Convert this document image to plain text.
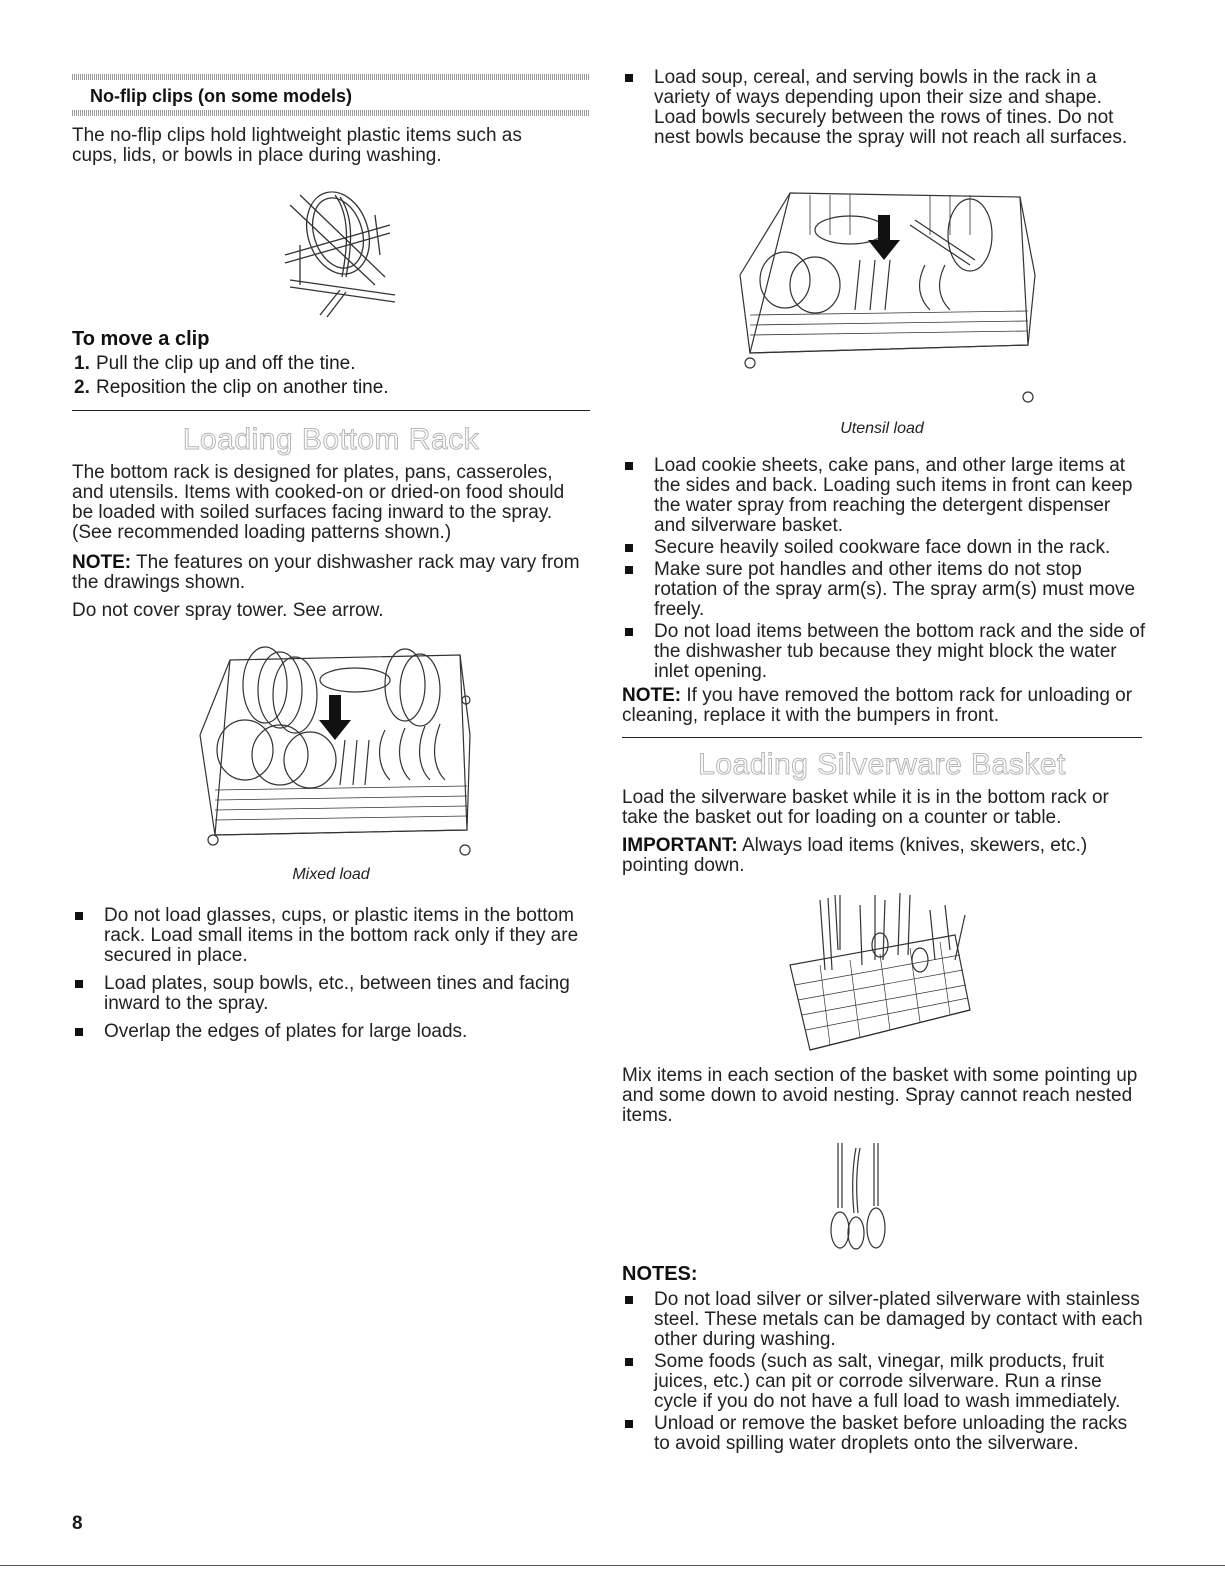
No-flip clips (on some models)

The no-flip clips hold lightweight plastic items such as cups, lids, or bowls in place during washing.

To move a clip
1. Pull the clip up and off the tine.
2. Reposition the clip on another tine.
Loading Bottom Rack

The bottom rack is designed for plates, pans, casseroles, and utensils. Items with cooked-on or dried-on food should be loaded with soiled surfaces facing inward to the spray. (See recommended loading patterns shown.)

NOTE: The features on your dishwasher rack may vary from the drawings shown.

Do not cover spray tower. See arrow.

Mixed load

Do not load glasses, cups, or plastic items in the bottom rack. Load small items in the bottom rack only if they are secured in place.
Load plates, soup bowls, etc., between tines and facing inward to the spray.
Overlap the edges of plates for large loads.
Load soup, cereal, and serving bowls in the rack in a variety of ways depending upon their size and shape. Load bowls securely between the rows of tines. Do not nest bowls because the spray will not reach all surfaces.

Utensil load

Load cookie sheets, cake pans, and other large items at the sides and back. Loading such items in front can keep the water spray from reaching the detergent dispenser and silverware basket.
Secure heavily soiled cookware face down in the rack.
Make sure pot handles and other items do not stop rotation of the spray arm(s). The spray arm(s) must move freely.
Do not load items between the bottom rack and the side of the dishwasher tub because they might block the water inlet opening.

NOTE: If you have removed the bottom rack for unloading or cleaning, replace it with the bumpers in front.

Loading Silverware Basket

Load the silverware basket while it is in the bottom rack or take the basket out for loading on a counter or table.

IMPORTANT: Always load items (knives, skewers, etc.) pointing down.

Mix items in each section of the basket with some pointing up and some down to avoid nesting. Spray cannot reach nested items.

NOTES:
Do not load silver or silver-plated silverware with stainless steel. These metals can be damaged by contact with each other during washing.
Some foods (such as salt, vinegar, milk products, fruit juices, etc.) can pit or corrode silverware. Run a rinse cycle if you do not have a full load to wash immediately.
Unload or remove the basket before unloading the racks to avoid spilling water droplets onto the silverware.

8
